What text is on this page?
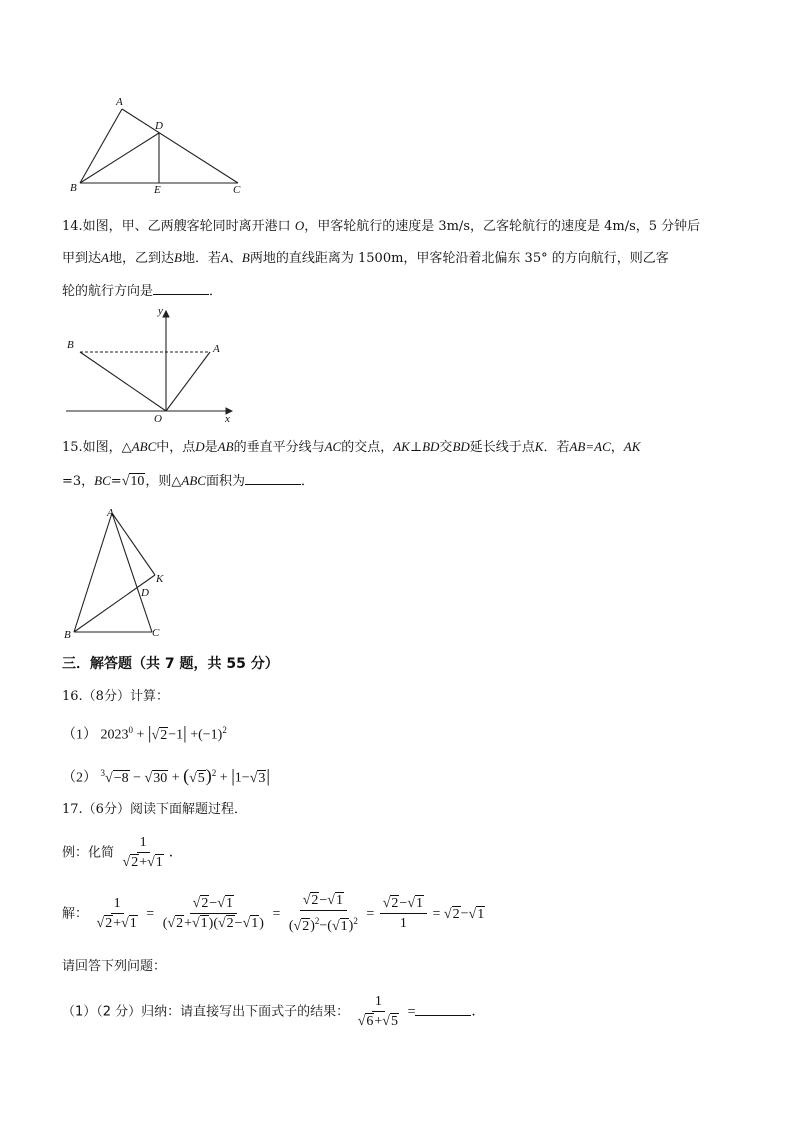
A
D
B	E	C
14.如图，甲、乙两艘客轮同时离开港口 O，甲客轮航行的速度是 3m/s，乙客轮航行的速度是 4m/s，5 分钟后
甲到达A地，乙到达B地．若A、B两地的直线距离为 1500m，甲客轮沿着北偏东 35° 的方向航行，则乙客
轮的航行方向是	．
y
B	A
O	x
15.如图，△ABC中，点D是AB的垂直平分线与AC的交点，AK⊥BD交BD延长线于点K．若AB=AC，AK
=3，BC=√10，则△ABC面积为	．
A
K
D
B	C
三．解答题（共 7 题，共 55 分）
16.（8分）计算：
（1） $2023^0 + |√2-1| +(-1)^2$
（2） $^3√-8 - √30 + (√5)^2 + |1-√3|$
17.（6分）阅读下面解题过程．
例：化简 $\frac{1}{√2+√1}$ ．
解： $\frac{1}{√2+√1} = \frac{√2-√1}{(√2+√1)(√2-√1)} = \frac{√2-√1}{(√2)^2-(√1)^2} = \frac{√2-√1}{1} = √2-√1$
请回答下列问题：
（1）（2 分）归纳：请直接写出下面式子的结果： $\frac{1}{√6+√5}$ =	．
